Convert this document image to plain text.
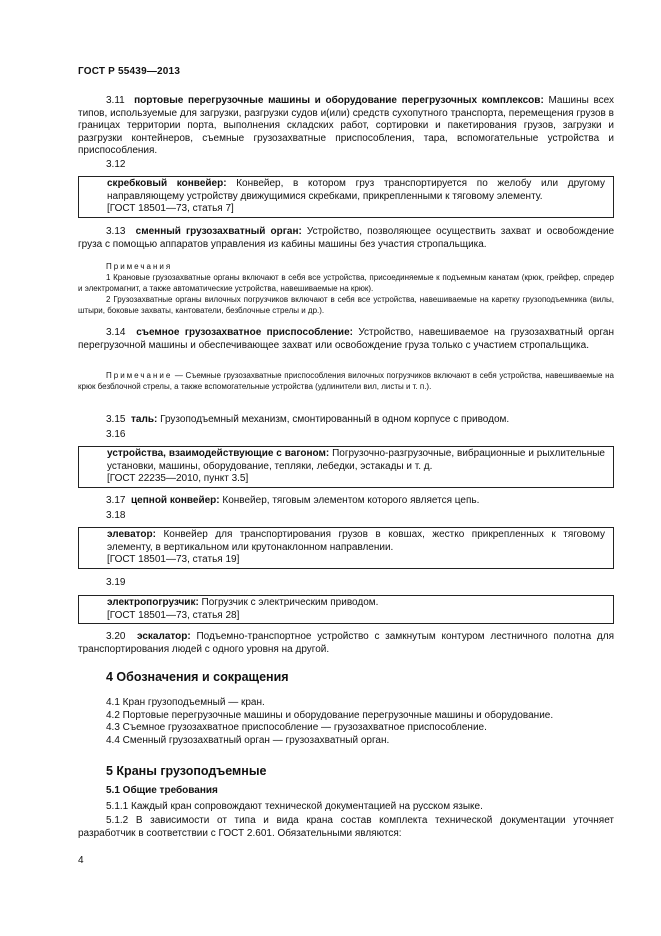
ГОСТ Р 55439—2013
3.11 портовые перегрузочные машины и оборудование перегрузочных комплексов: Машины всех типов, используемые для загрузки, разгрузки судов и(или) средств сухопутного транспорта, перемещения грузов в границах территории порта, выполнения складских работ, сортировки и пакетирования грузов, загрузки и разгрузки контейнеров, съемные грузозахватные приспособления, тара, вспомогательные устройства и приспособления.
3.12
скребковый конвейер: Конвейер, в котором груз транспортируется по желобу или другому направляющему устройству движущимися скребками, прикрепленными к тяговому элементу.
[ГОСТ 18501—73, статья 7]
3.13 сменный грузозахватный орган: Устройство, позволяющее осуществить захват и освобождение груза с помощью аппаратов управления из кабины машины без участия стропальщика.
Примечания
1 Крановые грузозахватные органы включают в себя все устройства, присоединяемые к подъемным канатам (крюк, грейфер, спредер и электромагнит, а также автоматические устройства, навешиваемые на крюк).
2 Грузозахватные органы вилочных погрузчиков включают в себя все устройства, навешиваемые на каретку грузоподъемника (вилы, штыри, боковые захваты, кантователи, безблочные стрелы и др.).
3.14 съемное грузозахватное приспособление: Устройство, навешиваемое на грузозахватный орган перегрузочной машины и обеспечивающее захват или освобождение груза только с участием стропальщика.
Примечание — Съемные грузозахватные приспособления вилочных погрузчиков включают в себя устройства, навешиваемые на крюк безблочной стрелы, а также вспомогательные устройства (удлинители вил, листы и т. п.).
3.15 таль: Грузоподъемный механизм, смонтированный в одном корпусе с приводом.
3.16
устройства, взаимодействующие с вагоном: Погрузочно-разгрузочные, вибрационные и рыхлительные установки, машины, оборудование, тепляки, лебедки, эстакады и т. д.
[ГОСТ 22235—2010, пункт 3.5]
3.17 цепной конвейер: Конвейер, тяговым элементом которого является цепь.
3.18
элеватор: Конвейер для транспортирования грузов в ковшах, жестко прикрепленных к тяговому элементу, в вертикальном или крутонаклонном направлении.
[ГОСТ 18501—73, статья 19]
3.19
электропогрузчик: Погрузчик с электрическим приводом.
[ГОСТ 18501—73, статья 28]
3.20 эскалатор: Подъемно-транспортное устройство с замкнутым контуром лестничного полотна для транспортирования людей с одного уровня на другой.
4 Обозначения и сокращения
4.1 Кран грузоподъемный — кран.
4.2 Портовые перегрузочные машины и оборудование перегрузочные машины и оборудование.
4.3 Съемное грузозахватное приспособление — грузозахватное приспособление.
4.4 Сменный грузозахватный орган — грузозахватный орган.
5 Краны грузоподъемные
5.1 Общие требования
5.1.1 Каждый кран сопровождают технической документацией на русском языке.
5.1.2 В зависимости от типа и вида крана состав комплекта технической документации уточняет разработчик в соответствии с ГОСТ 2.601. Обязательными являются:
4
